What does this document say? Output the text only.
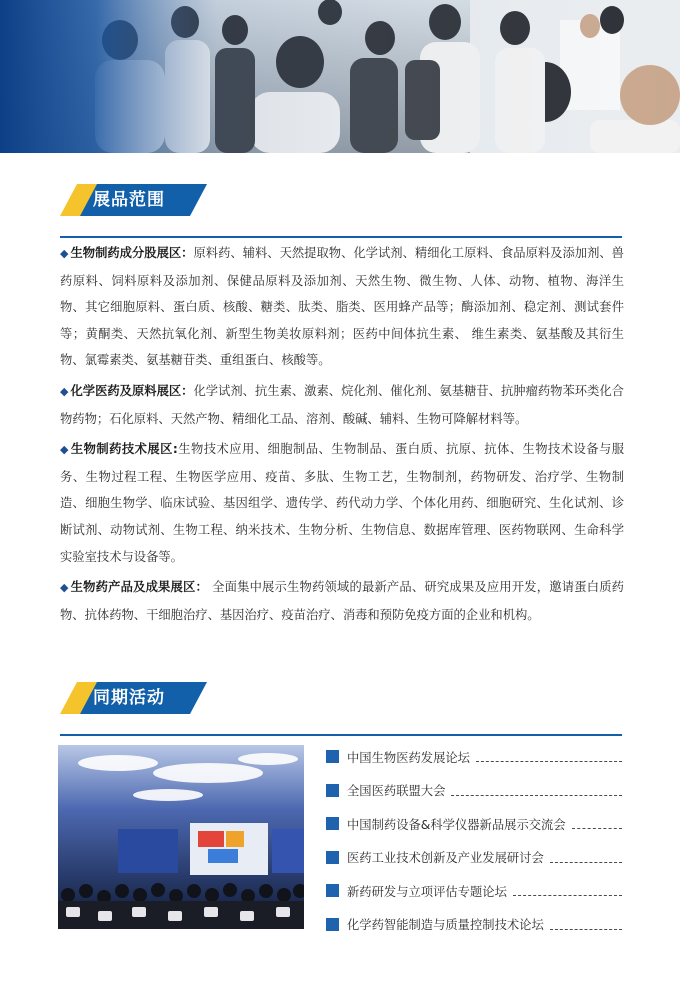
展品范围

◆ 生物制药成分股展区：原料药、辅料、天然提取物、化学试剂、精细化工原料、食品原料及添加剂、兽药原料、饲料原料及添加剂、保健品原料及添加剂、天然生物、微生物、人体、动物、植物、海洋生物、其它细胞原料、蛋白质、核酸、糖类、肽类、脂类、医用蜂产品等；酶添加剂、稳定剂、测试套件等；黄酮类、天然抗氧化剂、新型生物美妆原料剂；医药中间体抗生素、 维生素类、氨基酸及其衍生物、氯霉素类、氨基糖苷类、重组蛋白、核酸等。

◆ 化学医药及原料展区：化学试剂、抗生素、激素、烷化剂、催化剂、氨基糖苷、抗肿瘤药物苯环类化合物药物；石化原料、天然产物、精细化工品、溶剂、酸碱、辅料、生物可降解材料等。

◆ 生物制药技术展区:生物技术应用、细胞制品、生物制品、蛋白质、抗原、抗体、生物技术设备与服务、生物过程工程、生物医学应用、疫苗、多肽、生物工艺，生物制剂，药物研发、治疗学、生物制造、细胞生物学、临床试验、基因组学、遗传学、药代动力学、个体化用药、细胞研究、生化试剂、诊断试剂、动物试剂、生物工程、纳米技术、生物分析、生物信息、数据库管理、医药物联网、生命科学实验室技术与设备等。

◆ 生物药产品及成果展区： 全面集中展示生物药领域的最新产品、研究成果及应用开发，邀请蛋白质药物、抗体药物、干细胞治疗、基因治疗、疫苗治疗、消毒和预防免疫方面的企业和机构。

同期活动
中国生物医药发展论坛
全国医药联盟大会
中国制药设备&科学仪器新品展示交流会
医药工业技术创新及产业发展研讨会
新药研发与立项评估专题论坛
化学药智能制造与质量控制技术论坛
